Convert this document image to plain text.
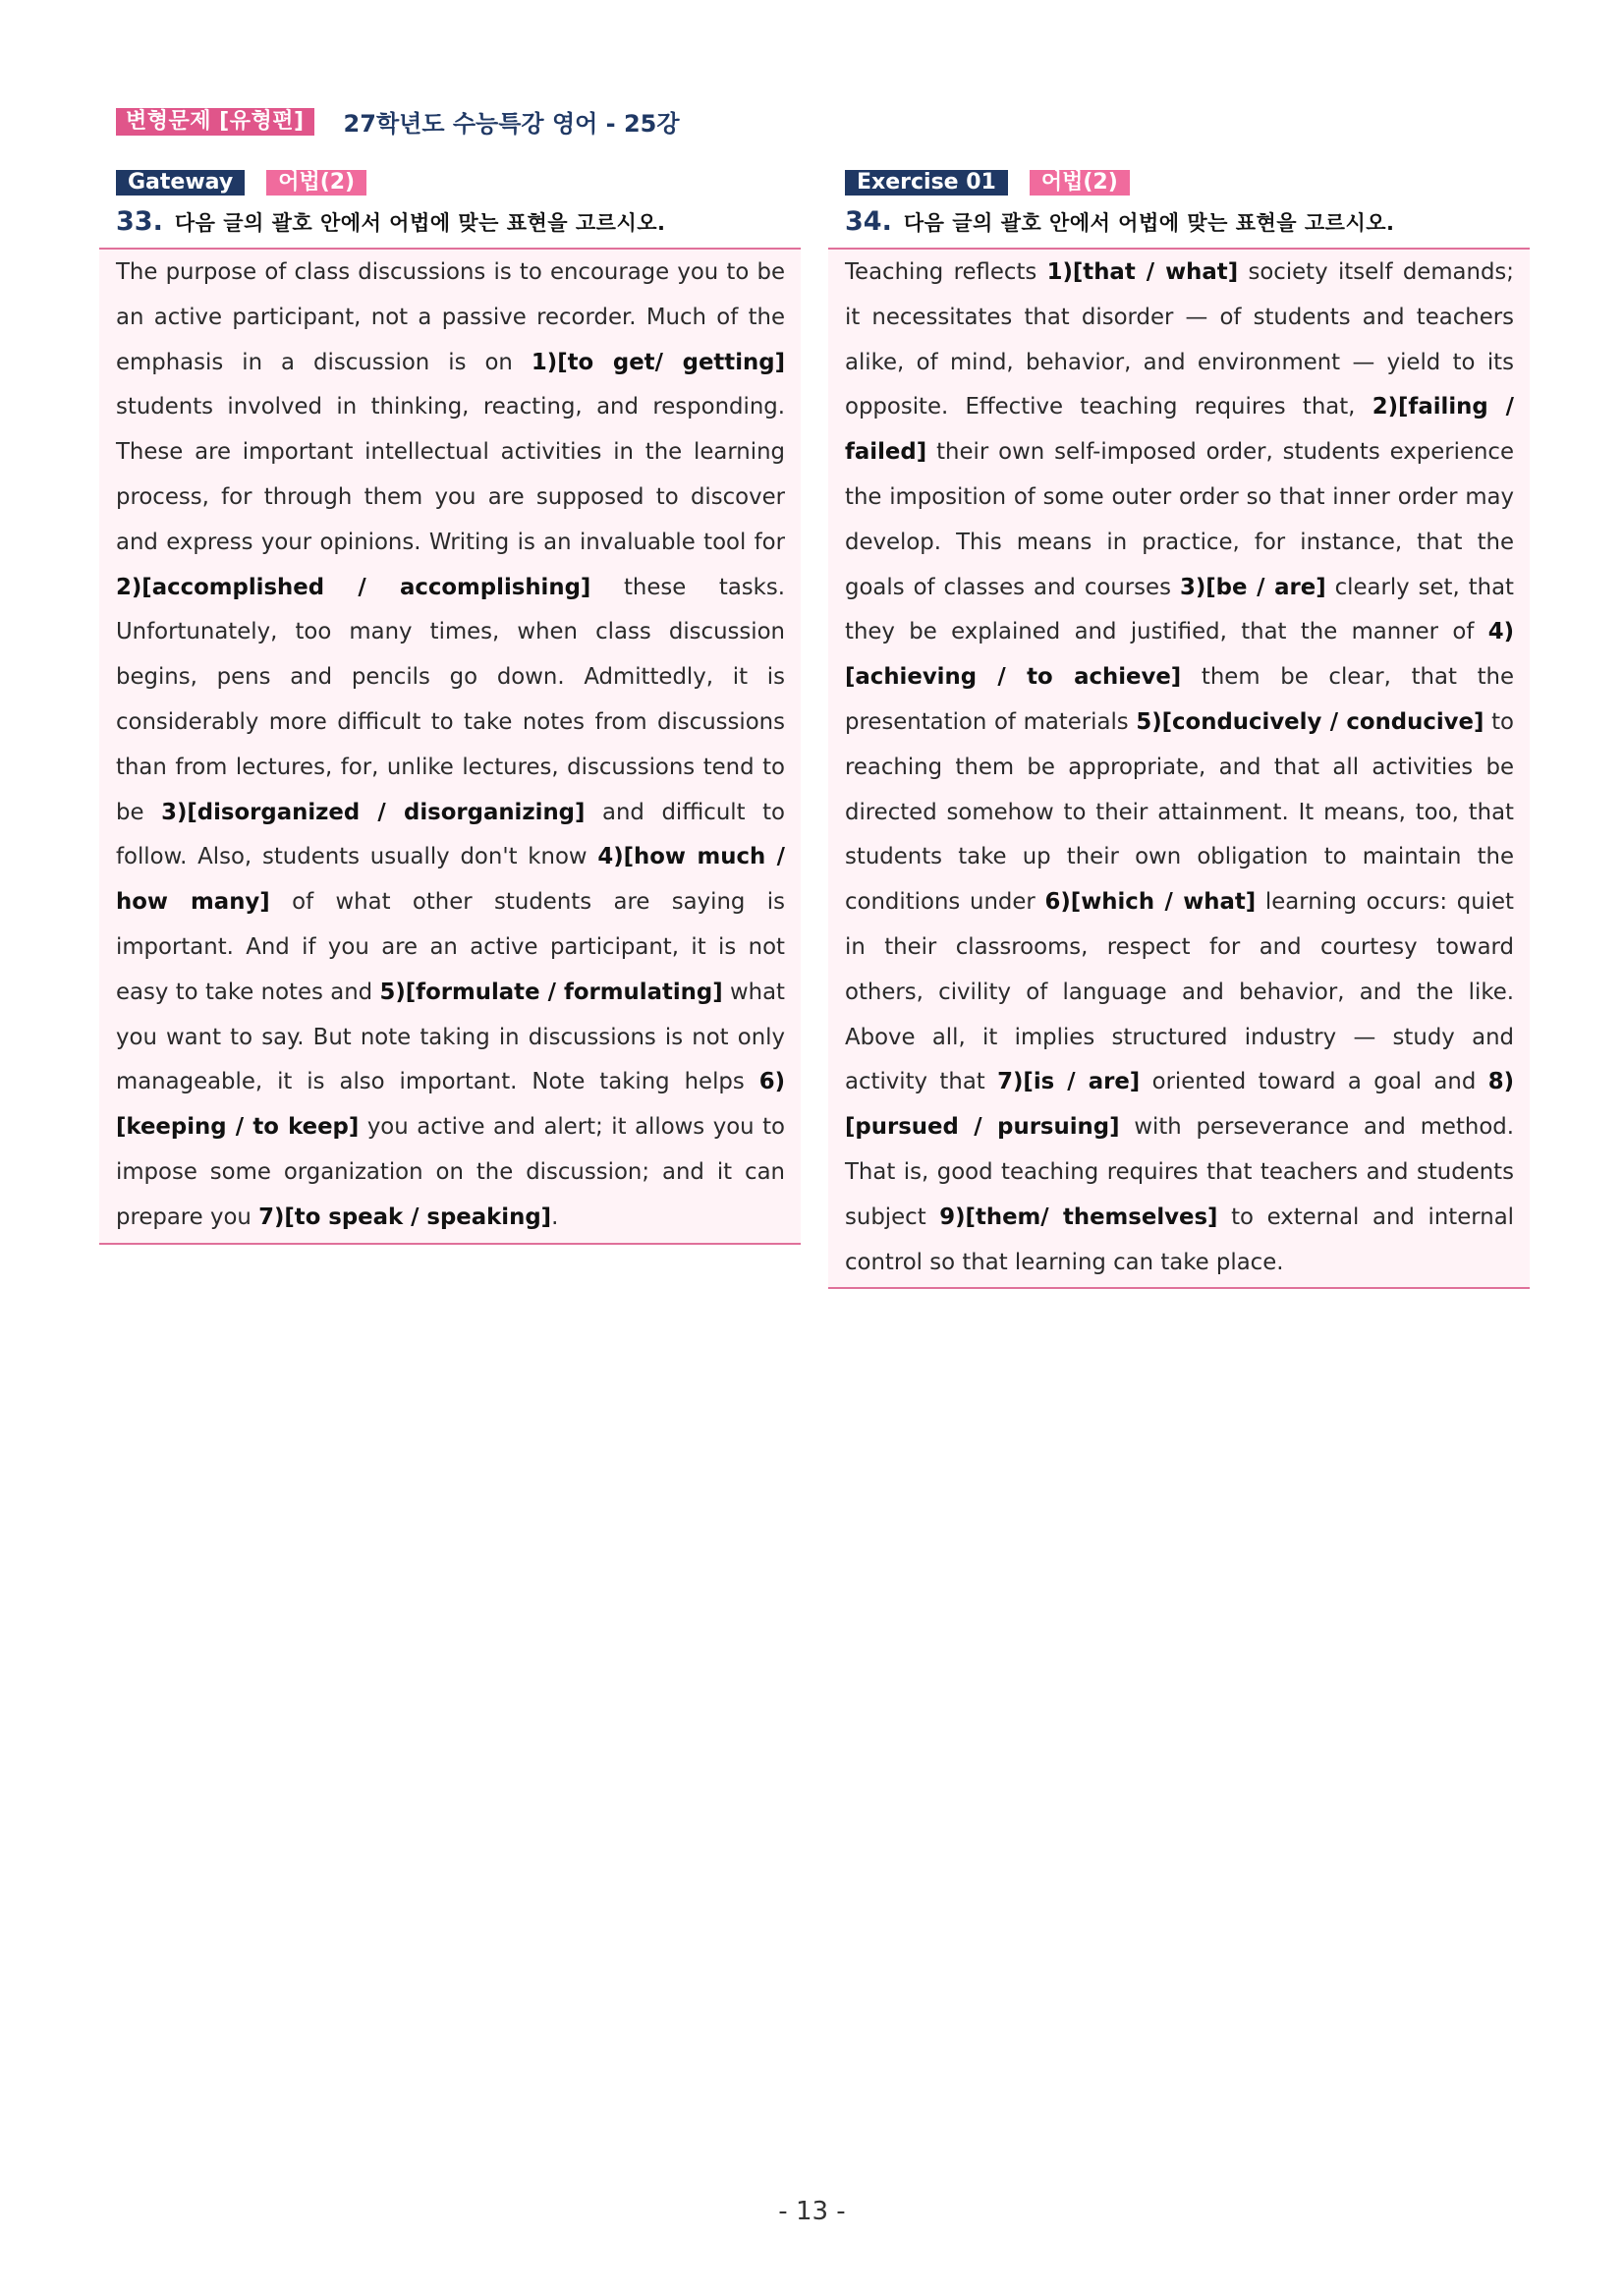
변형문제 [유형편]	27학년도 수능특강 영어 - 25강
Gateway	어법(2)
33. 다음 글의 괄호 안에서 어법에 맞는 표현을 고르시오.

The purpose of class discussions is to encourage you to be an active participant, not a passive recorder. Much of the emphasis in a discussion is on 1)[to get/ getting] students involved in thinking, reacting, and responding. These are important intellectual activities in the learning process, for through them you are supposed to discover and express your opinions. Writing is an invaluable tool for 2)[accomplished / accomplishing] these tasks. Unfortunately, too many times, when class discussion begins, pens and pencils go down. Admittedly, it is considerably more difficult to take notes from discussions than from lectures, for, unlike lectures, discussions tend to be 3)[disorganized / disorganizing] and difficult to follow. Also, students usually don't know 4)[how much / how many] of what other students are saying is important. And if you are an active participant, it is not easy to take notes and 5)[formulate / formulating] what you want to say. But note taking in discussions is not only manageable, it is also important. Note taking helps 6)[keeping / to keep] you active and alert; it allows you to impose some organization on the discussion; and it can prepare you 7)[to speak / speaking].

Exercise 01	어법(2)
34. 다음 글의 괄호 안에서 어법에 맞는 표현을 고르시오.

Teaching reflects 1)[that / what] society itself demands; it necessitates that disorder — of students and teachers alike, of mind, behavior, and environment — yield to its opposite. Effective teaching requires that, 2)[failing / failed] their own self-imposed order, students experience the imposition of some outer order so that inner order may develop. This means in practice, for instance, that the goals of classes and courses 3)[be / are] clearly set, that they be explained and justified, that the manner of 4)[achieving / to achieve] them be clear, that the presentation of materials 5)[conducively / conducive] to reaching them be appropriate, and that all activities be directed somehow to their attainment. It means, too, that students take up their own obligation to maintain the conditions under 6)[which / what] learning occurs: quiet in their classrooms, respect for and courtesy toward others, civility of language and behavior, and the like. Above all, it implies structured industry — study and activity that 7)[is / are] oriented toward a goal and 8)[pursued / pursuing] with perseverance and method. That is, good teaching requires that teachers and students subject 9)[them/ themselves] to external and internal control so that learning can take place.

- 13 -
